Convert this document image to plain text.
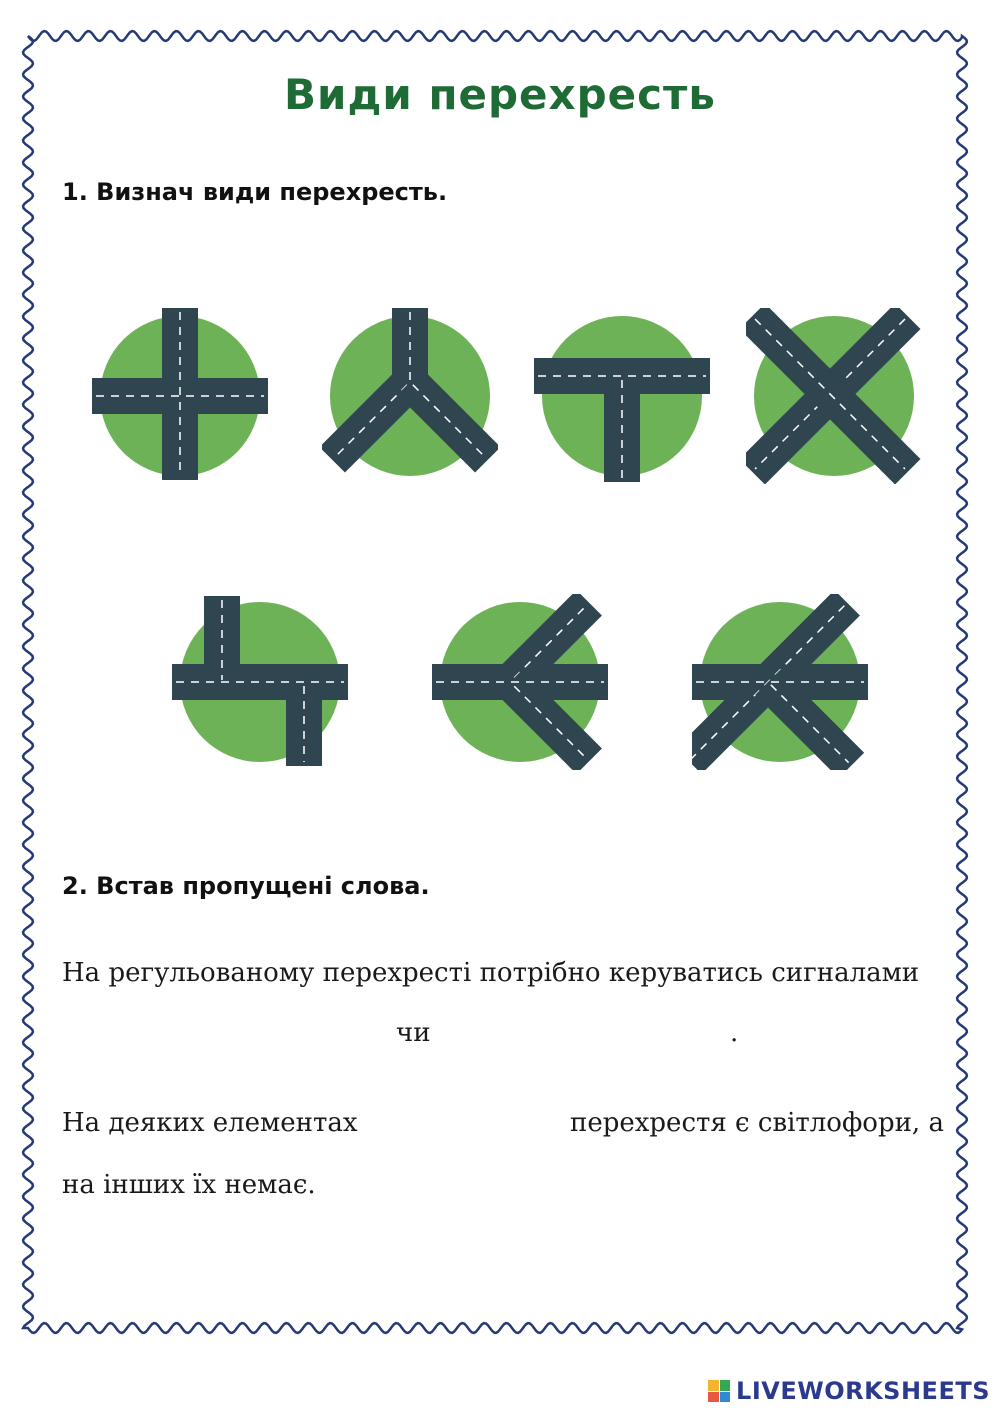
Види перехресть
1. Визнач види перехресть.
2. Встав пропущені слова.
На регульованому перехресті потрібно керуватись сигналами
чи	.
На деяких елементах	перехрестя є світлофори, а
на інших їх немає.
LIVEWORKSHEETS
